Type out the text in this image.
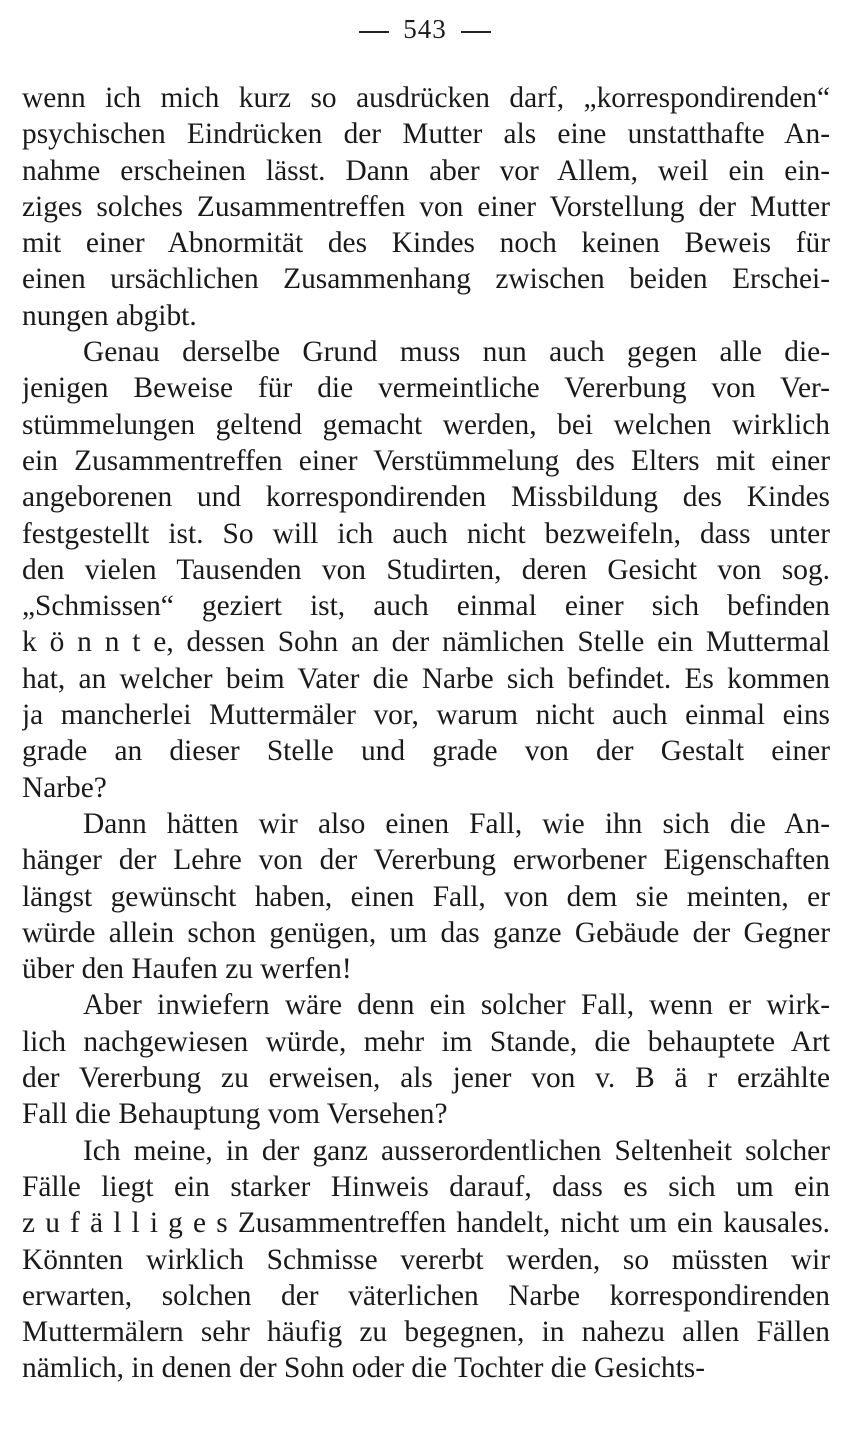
543
wenn ich mich kurz so ausdrücken darf, „korrespondirenden“
psychischen Eindrücken der Mutter als eine unstatthafte An-
nahme erscheinen lässt. Dann aber vor Allem, weil ein ein-
ziges solches Zusammentreffen von einer Vorstellung der Mutter
mit einer Abnormität des Kindes noch keinen Beweis für
einen ursächlichen Zusammenhang zwischen beiden Erschei-
nungen abgibt.
Genau derselbe Grund muss nun auch gegen alle die-
jenigen Beweise für die vermeintliche Vererbung von Ver-
stümmelungen geltend gemacht werden, bei welchen wirklich
ein Zusammentreffen einer Verstümmelung des Elters mit einer
angeborenen und korrespondirenden Missbildung des Kindes
festgestellt ist. So will ich auch nicht bezweifeln, dass unter
den vielen Tausenden von Studirten, deren Gesicht von sog.
„Schmissen“ geziert ist, auch einmal einer sich befinden
k ö n n t e, dessen Sohn an der nämlichen Stelle ein Muttermal
hat, an welcher beim Vater die Narbe sich befindet. Es kommen
ja mancherlei Muttermäler vor, warum nicht auch einmal eins
grade an dieser Stelle und grade von der Gestalt einer
Narbe?
Dann hätten wir also einen Fall, wie ihn sich die An-
hänger der Lehre von der Vererbung erworbener Eigenschaften
längst gewünscht haben, einen Fall, von dem sie meinten, er
würde allein schon genügen, um das ganze Gebäude der Gegner
über den Haufen zu werfen!
Aber inwiefern wäre denn ein solcher Fall, wenn er wirk-
lich nachgewiesen würde, mehr im Stande, die behauptete Art
der Vererbung zu erweisen, als jener von v. B ä r erzählte
Fall die Behauptung vom Versehen?
Ich meine, in der ganz ausserordentlichen Seltenheit solcher
Fälle liegt ein starker Hinweis darauf, dass es sich um ein
z u f ä l l i g e s Zusammentreffen handelt, nicht um ein kausales.
Könnten wirklich Schmisse vererbt werden, so müssten wir
erwarten, solchen der väterlichen Narbe korrespondirenden
Muttermälern sehr häufig zu begegnen, in nahezu allen Fällen
nämlich, in denen der Sohn oder die Tochter die Gesichts-
